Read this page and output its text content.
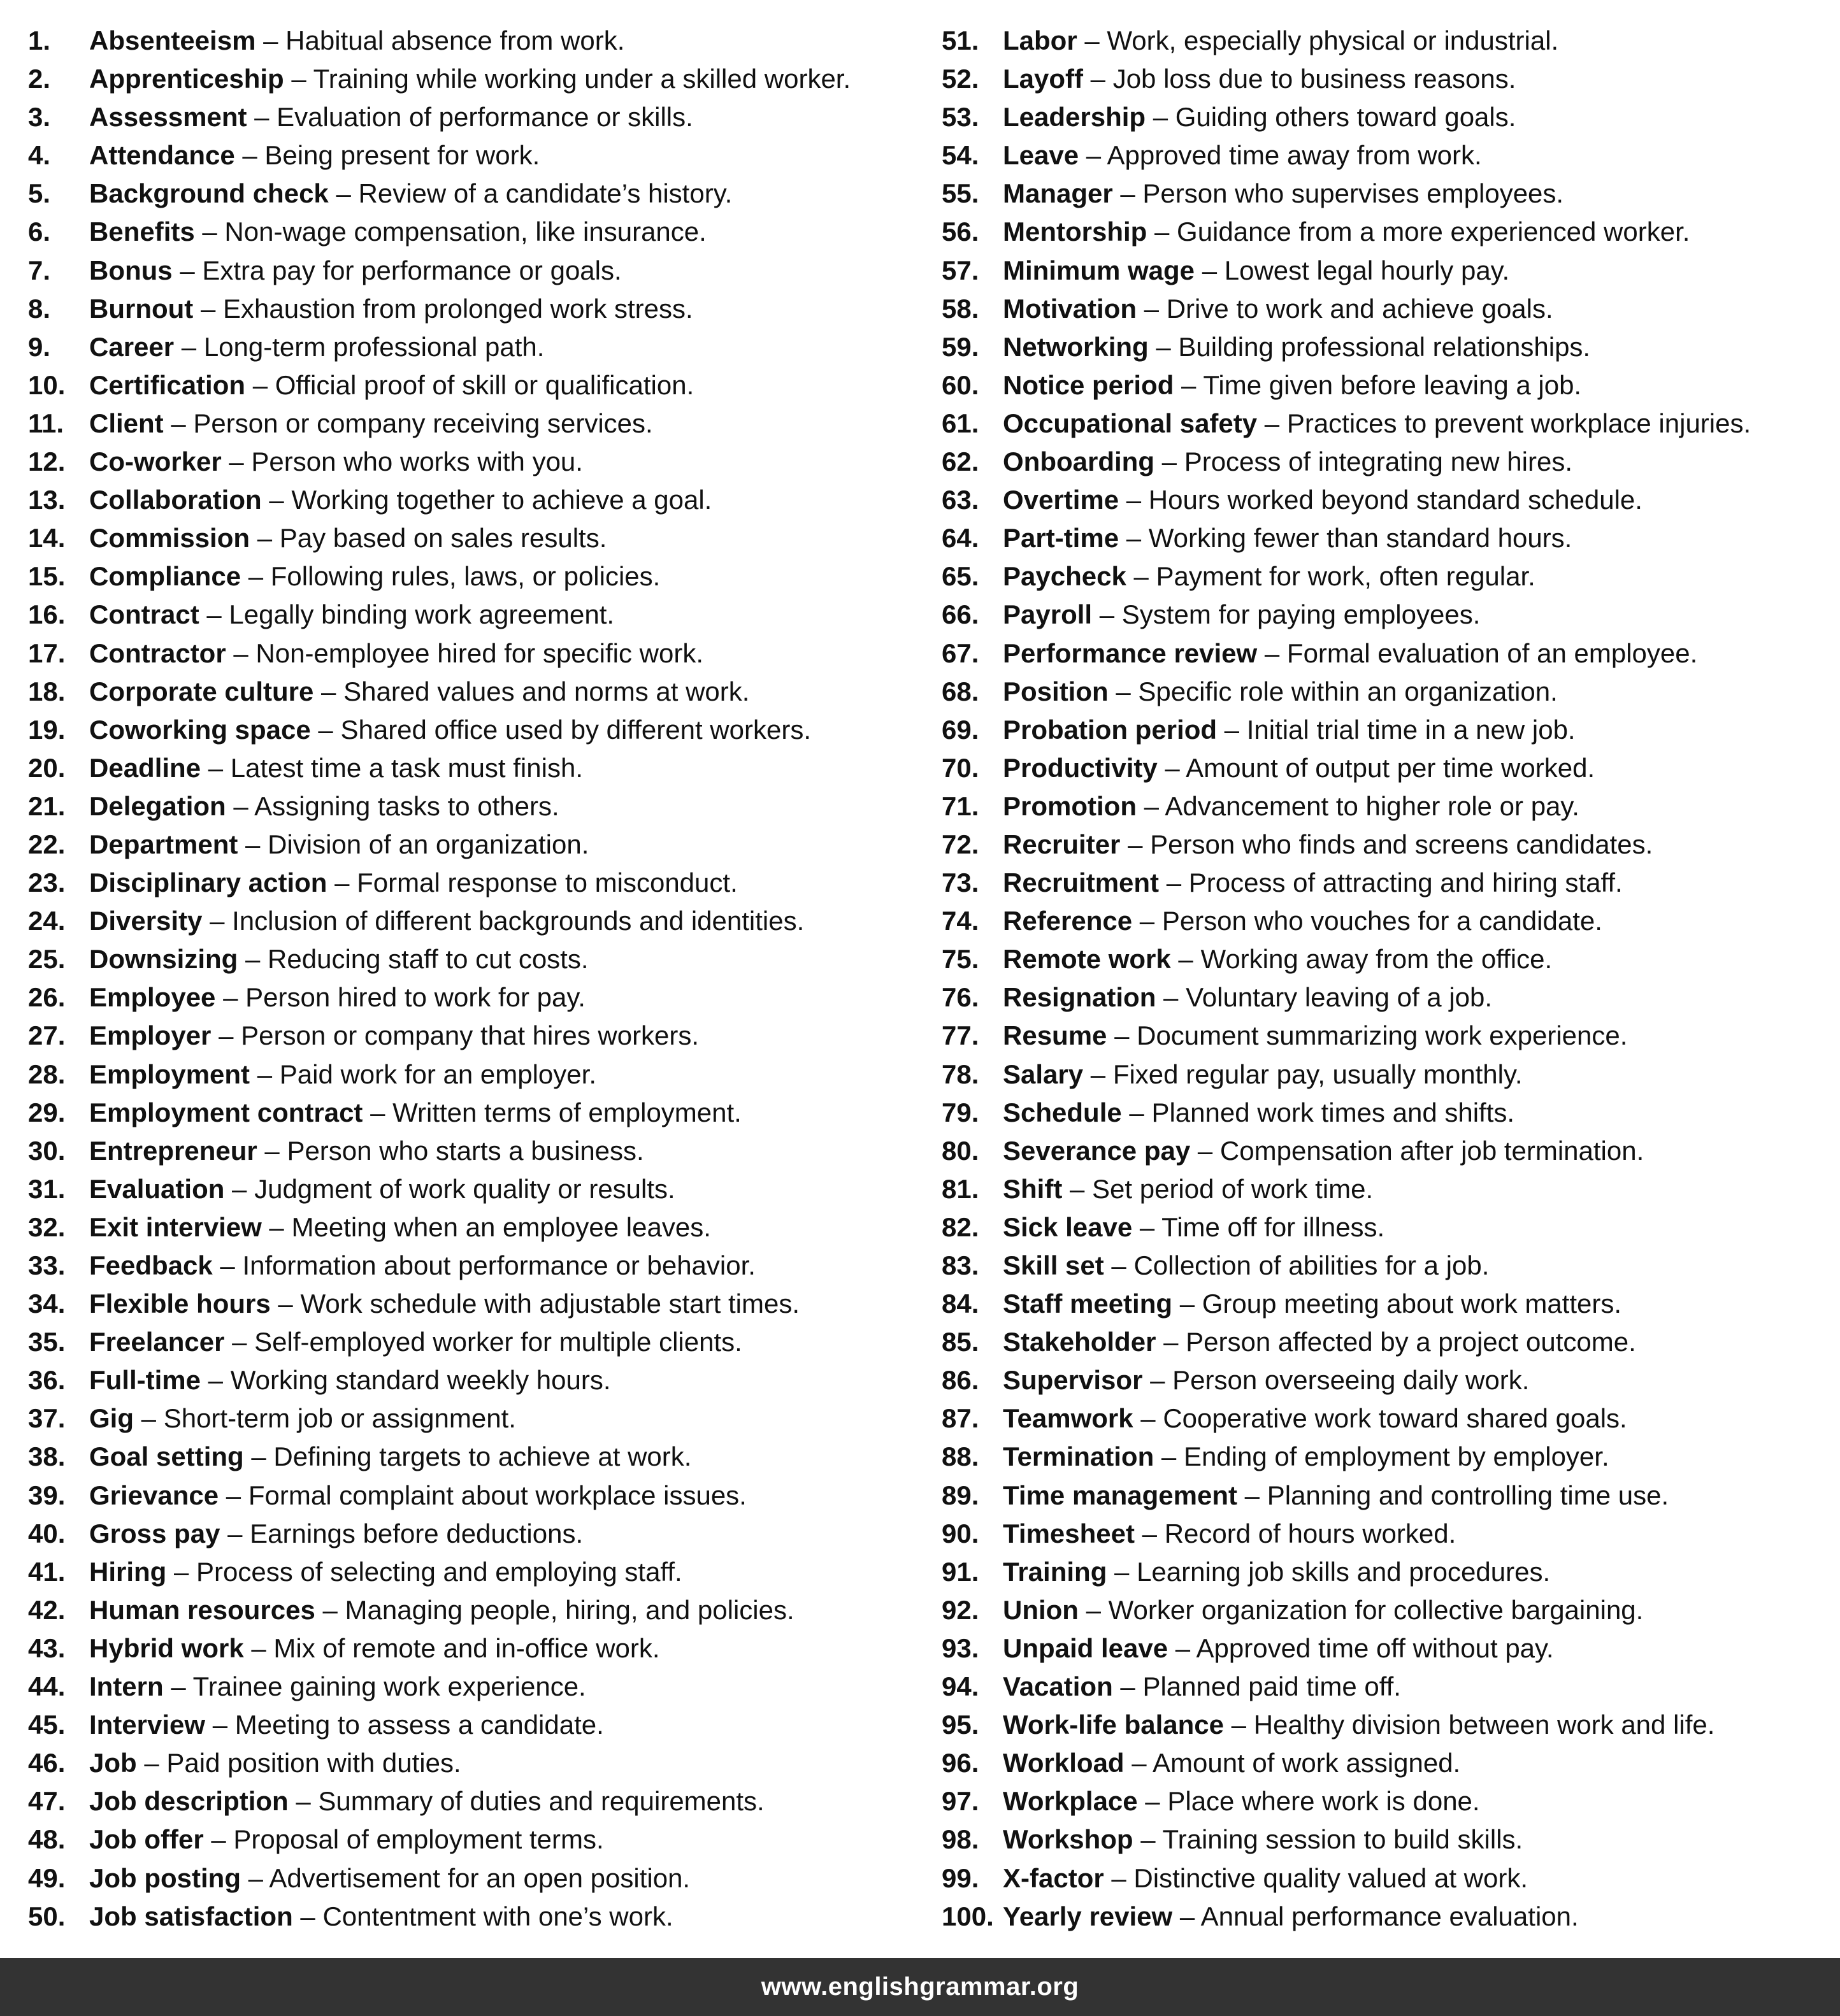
1.	Absenteeism – Habitual absence from work.
2.	Apprenticeship – Training while working under a skilled worker.
3.	Assessment – Evaluation of performance or skills.
4.	Attendance – Being present for work.
5.	Background check – Review of a candidate’s history.
6.	Benefits – Non-wage compensation, like insurance.
7.	Bonus – Extra pay for performance or goals.
8.	Burnout – Exhaustion from prolonged work stress.
9.	Career – Long-term professional path.
10. Certification – Official proof of skill or qualification.
11. Client – Person or company receiving services.
12. Co-worker – Person who works with you.
13. Collaboration – Working together to achieve a goal.
14. Commission – Pay based on sales results.
15. Compliance – Following rules, laws, or policies.
16. Contract – Legally binding work agreement.
17. Contractor – Non-employee hired for specific work.
18. Corporate culture – Shared values and norms at work.
19. Coworking space – Shared office used by different workers.
20. Deadline – Latest time a task must finish.
21. Delegation – Assigning tasks to others.
22. Department – Division of an organization.
23. Disciplinary action – Formal response to misconduct.
24. Diversity – Inclusion of different backgrounds and identities.
25. Downsizing – Reducing staff to cut costs.
26. Employee – Person hired to work for pay.
27. Employer – Person or company that hires workers.
28. Employment – Paid work for an employer.
29. Employment contract – Written terms of employment.
30. Entrepreneur – Person who starts a business.
31. Evaluation – Judgment of work quality or results.
32. Exit interview – Meeting when an employee leaves.
33. Feedback – Information about performance or behavior.
34. Flexible hours – Work schedule with adjustable start times.
35. Freelancer – Self-employed worker for multiple clients.
36. Full-time – Working standard weekly hours.
37. Gig – Short-term job or assignment.
38. Goal setting – Defining targets to achieve at work.
39. Grievance – Formal complaint about workplace issues.
40. Gross pay – Earnings before deductions.
41. Hiring – Process of selecting and employing staff.
42. Human resources – Managing people, hiring, and policies.
43. Hybrid work – Mix of remote and in-office work.
44. Intern – Trainee gaining work experience.
45. Interview – Meeting to assess a candidate.
46. Job – Paid position with duties.
47. Job description – Summary of duties and requirements.
48. Job offer – Proposal of employment terms.
49. Job posting – Advertisement for an open position.
50. Job satisfaction – Contentment with one’s work.
51. Labor – Work, especially physical or industrial.
52. Layoff – Job loss due to business reasons.
53. Leadership – Guiding others toward goals.
54. Leave – Approved time away from work.
55. Manager – Person who supervises employees.
56. Mentorship – Guidance from a more experienced worker.
57. Minimum wage – Lowest legal hourly pay.
58. Motivation – Drive to work and achieve goals.
59. Networking – Building professional relationships.
60. Notice period – Time given before leaving a job.
61. Occupational safety – Practices to prevent workplace injuries.
62. Onboarding – Process of integrating new hires.
63. Overtime – Hours worked beyond standard schedule.
64. Part-time – Working fewer than standard hours.
65. Paycheck – Payment for work, often regular.
66. Payroll – System for paying employees.
67. Performance review – Formal evaluation of an employee.
68. Position – Specific role within an organization.
69. Probation period – Initial trial time in a new job.
70. Productivity – Amount of output per time worked.
71. Promotion – Advancement to higher role or pay.
72. Recruiter – Person who finds and screens candidates.
73. Recruitment – Process of attracting and hiring staff.
74. Reference – Person who vouches for a candidate.
75. Remote work – Working away from the office.
76. Resignation – Voluntary leaving of a job.
77. Resume – Document summarizing work experience.
78. Salary – Fixed regular pay, usually monthly.
79. Schedule – Planned work times and shifts.
80. Severance pay – Compensation after job termination.
81. Shift – Set period of work time.
82. Sick leave – Time off for illness.
83. Skill set – Collection of abilities for a job.
84. Staff meeting – Group meeting about work matters.
85. Stakeholder – Person affected by a project outcome.
86. Supervisor – Person overseeing daily work.
87. Teamwork – Cooperative work toward shared goals.
88. Termination – Ending of employment by employer.
89. Time management – Planning and controlling time use.
90. Timesheet – Record of hours worked.
91. Training – Learning job skills and procedures.
92. Union – Worker organization for collective bargaining.
93. Unpaid leave – Approved time off without pay.
94. Vacation – Planned paid time off.
95. Work-life balance – Healthy division between work and life.
96. Workload – Amount of work assigned.
97. Workplace – Place where work is done.
98. Workshop – Training session to build skills.
99. X-factor – Distinctive quality valued at work.
100. Yearly review – Annual performance evaluation.
www.englishgrammar.org
